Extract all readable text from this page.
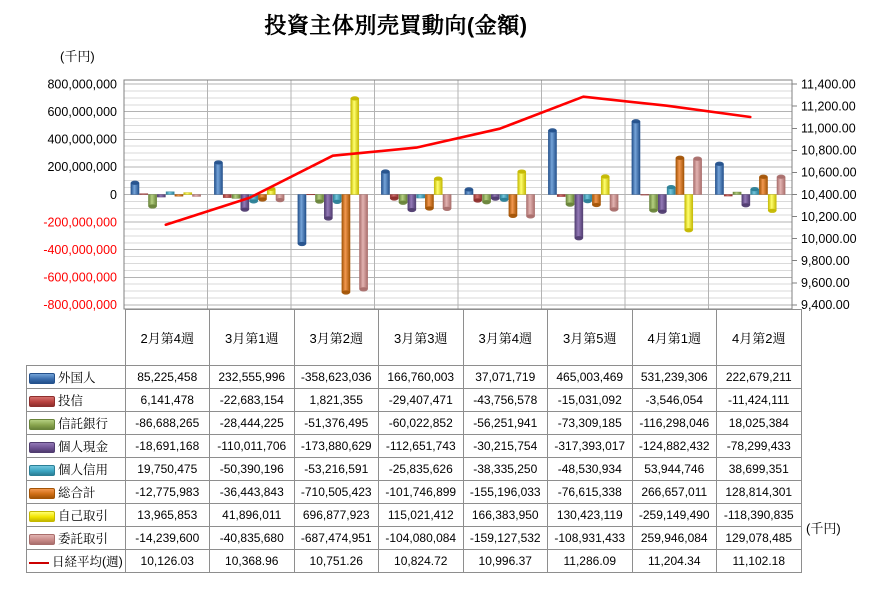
投資主体別売買動向(金額)
(千円)
(千円)
800,000,000
600,000,000
400,000,000
200,000,000
0
-200,000,000
-400,000,000
-600,000,000
-800,000,000
11,400.00
11,200.00
11,000.00
10,800.00
10,600.00
10,400.00
10,200.00
10,000.00
9,800.00
9,600.00
9,400.00
	2月第4週	3月第1週	3月第2週	3月第3週	3月第4週	3月第5週	4月第1週	4月第2週
外国人	85,225,458	232,555,996	-358,623,036	166,760,003	37,071,719	465,003,469	531,239,306	222,679,211
投信	6,141,478	-22,683,154	1,821,355	-29,407,471	-43,756,578	-15,031,092	-3,546,054	-11,424,111
信託銀行	-86,688,265	-28,444,225	-51,376,495	-60,022,852	-56,251,941	-73,309,185	-116,298,046	18,025,384
個人現金	-18,691,168	-110,011,706	-173,880,629	-112,651,743	-30,215,754	-317,393,017	-124,882,432	-78,299,433
個人信用	19,750,475	-50,390,196	-53,216,591	-25,835,626	-38,335,250	-48,530,934	53,944,746	38,699,351
総合計	-12,775,983	-36,443,843	-710,505,423	-101,746,899	-155,196,033	-76,615,338	266,657,011	128,814,301
自己取引	13,965,853	41,896,011	696,877,923	115,021,412	166,383,950	130,423,119	-259,149,490	-118,390,835
委託取引	-14,239,600	-40,835,680	-687,474,951	-104,080,084	-159,127,532	-108,931,433	259,946,084	129,078,485
日経平均(週)	10,126.03	10,368.96	10,751.26	10,824.72	10,996.37	11,286.09	11,204.34	11,102.18
